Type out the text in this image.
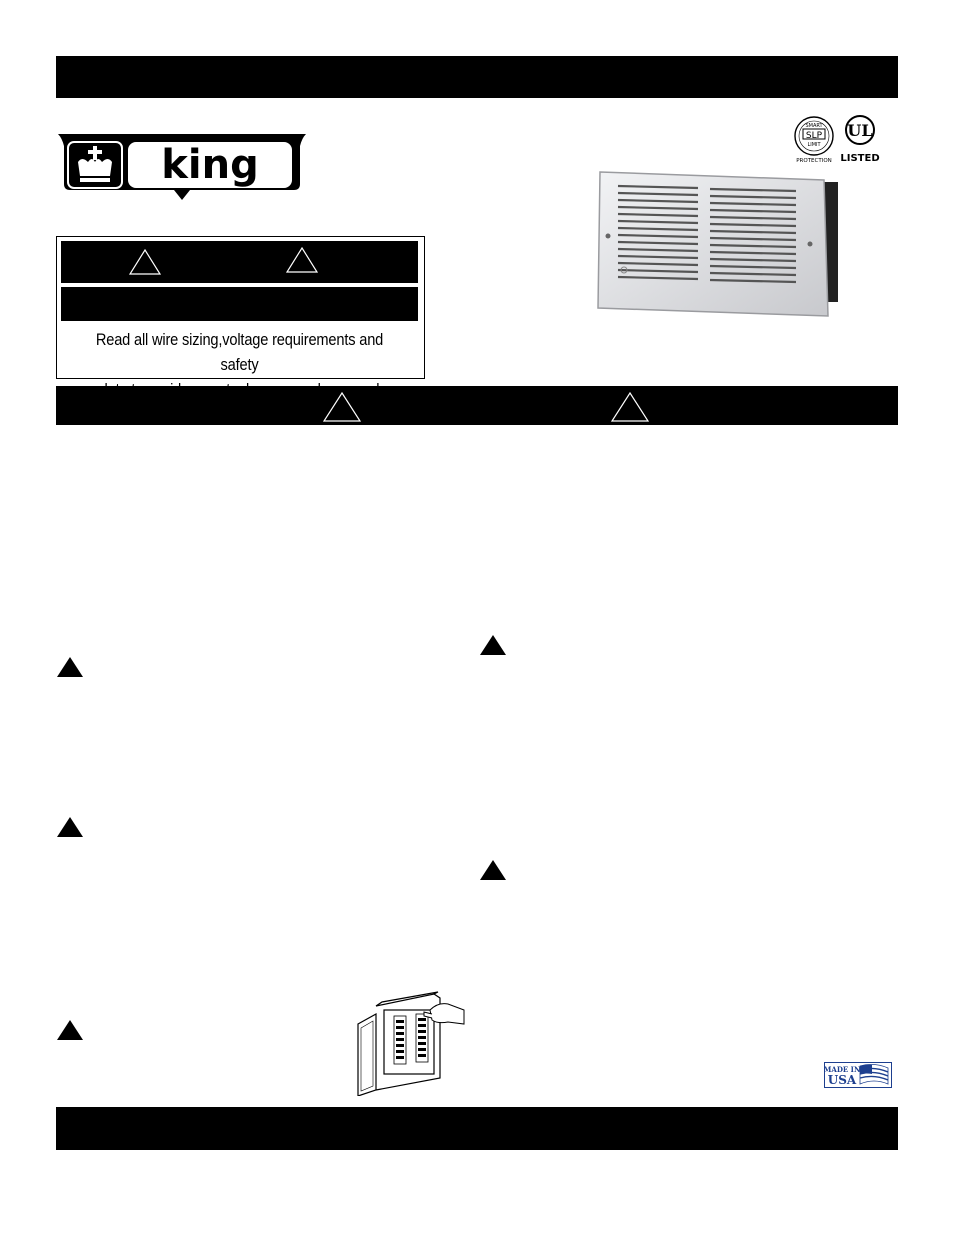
king
SMART
SLP
LIMIT
PROTECTION
UL
LISTED
Read all wire sizing,voltage requirements and safety
MADE IN
USA
